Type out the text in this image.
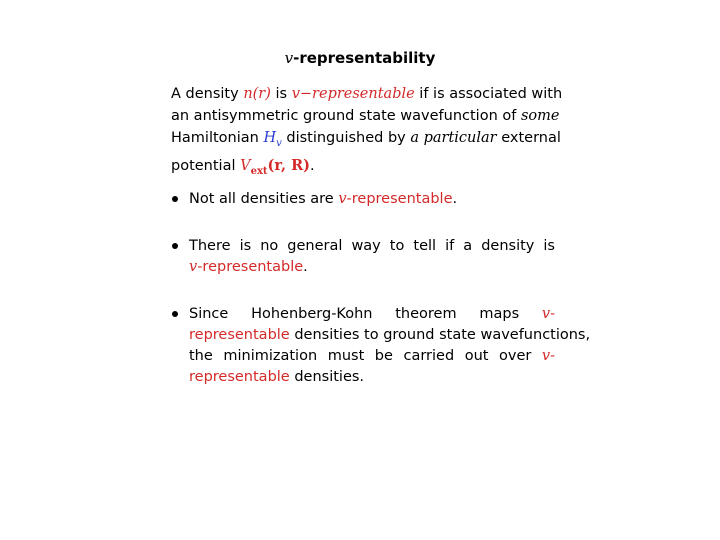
v-representability
A density n(r) is v−representable if is associated with
an antisymmetric ground state wavefunction of some
Hamiltonian $H_v$ distinguished by a particular external
potential $V_{ext}(r$, R).
Not all densities are v-representable.
There is no general way to tell if a density is
v-representable.
Since Hohenberg-Kohn theorem maps v-
representable densities to ground state wavefunctions,
the minimization must be carried out over v-
representable densities.
